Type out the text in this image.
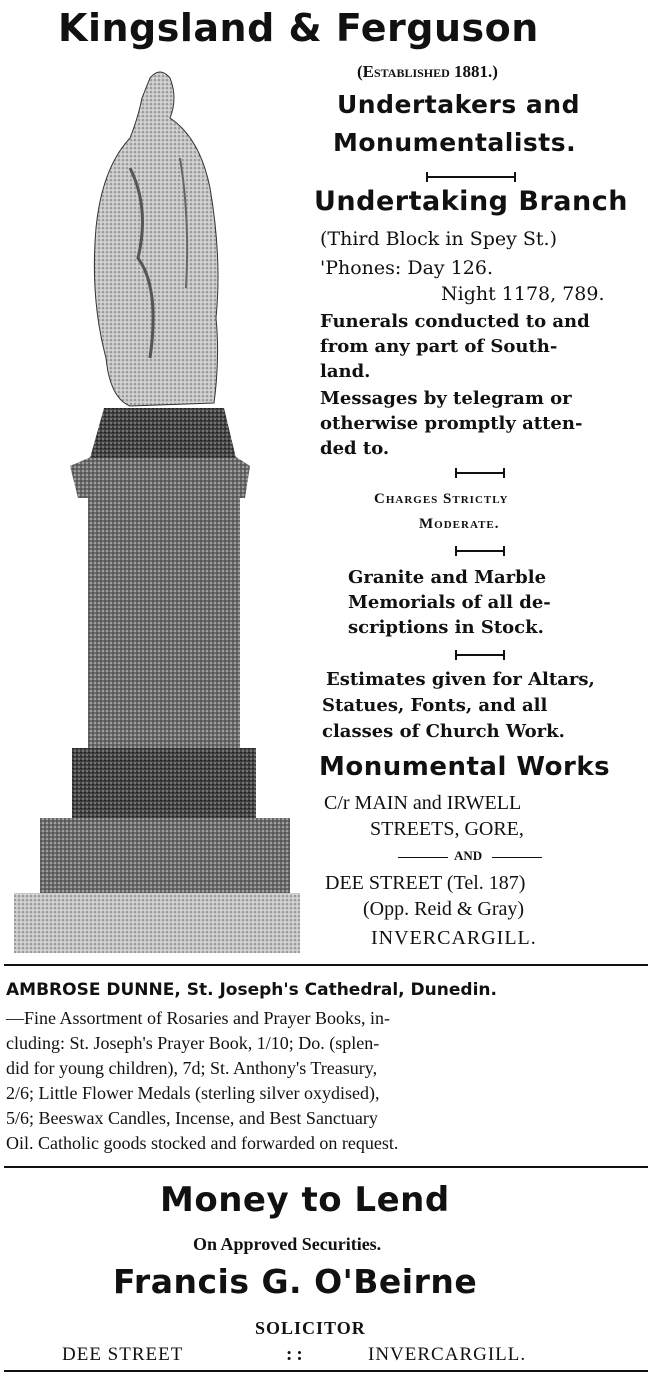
Kingsland & Ferguson
(Established 1881.)
Undertakers and
Monumentalists.
Undertaking Branch
(Third Block in Spey St.)
'Phones: Day 126.
Night 1178, 789.
Funerals conducted to and
from any part of South-
land.
Messages by telegram or
otherwise promptly atten-
ded to.
Charges Strictly
Moderate.
Granite and Marble
Memorials of all de-
scriptions in Stock.
Estimates given for Altars,
Statues, Fonts, and all
classes of Church Work.
Monumental Works
C/r MAIN and IRWELL
STREETS, GORE,
AND
DEE STREET (Tel. 187)
(Opp. Reid & Gray)
INVERCARGILL.
AMBROSE DUNNE, St. Joseph's Cathedral, Dunedin.
—Fine Assortment of Rosaries and Prayer Books, in-
cluding: St. Joseph's Prayer Book, 1/10; Do. (splen-
did for young children), 7d; St. Anthony's Treasury,
2/6; Little Flower Medals (sterling silver oxydised),
5/6; Beeswax Candles, Incense, and Best Sanctuary
Oil. Catholic goods stocked and forwarded on request.
Money to Lend
On Approved Securities.
Francis G. O'Beirne
SOLICITOR
DEE STREET	::	INVERCARGILL.
